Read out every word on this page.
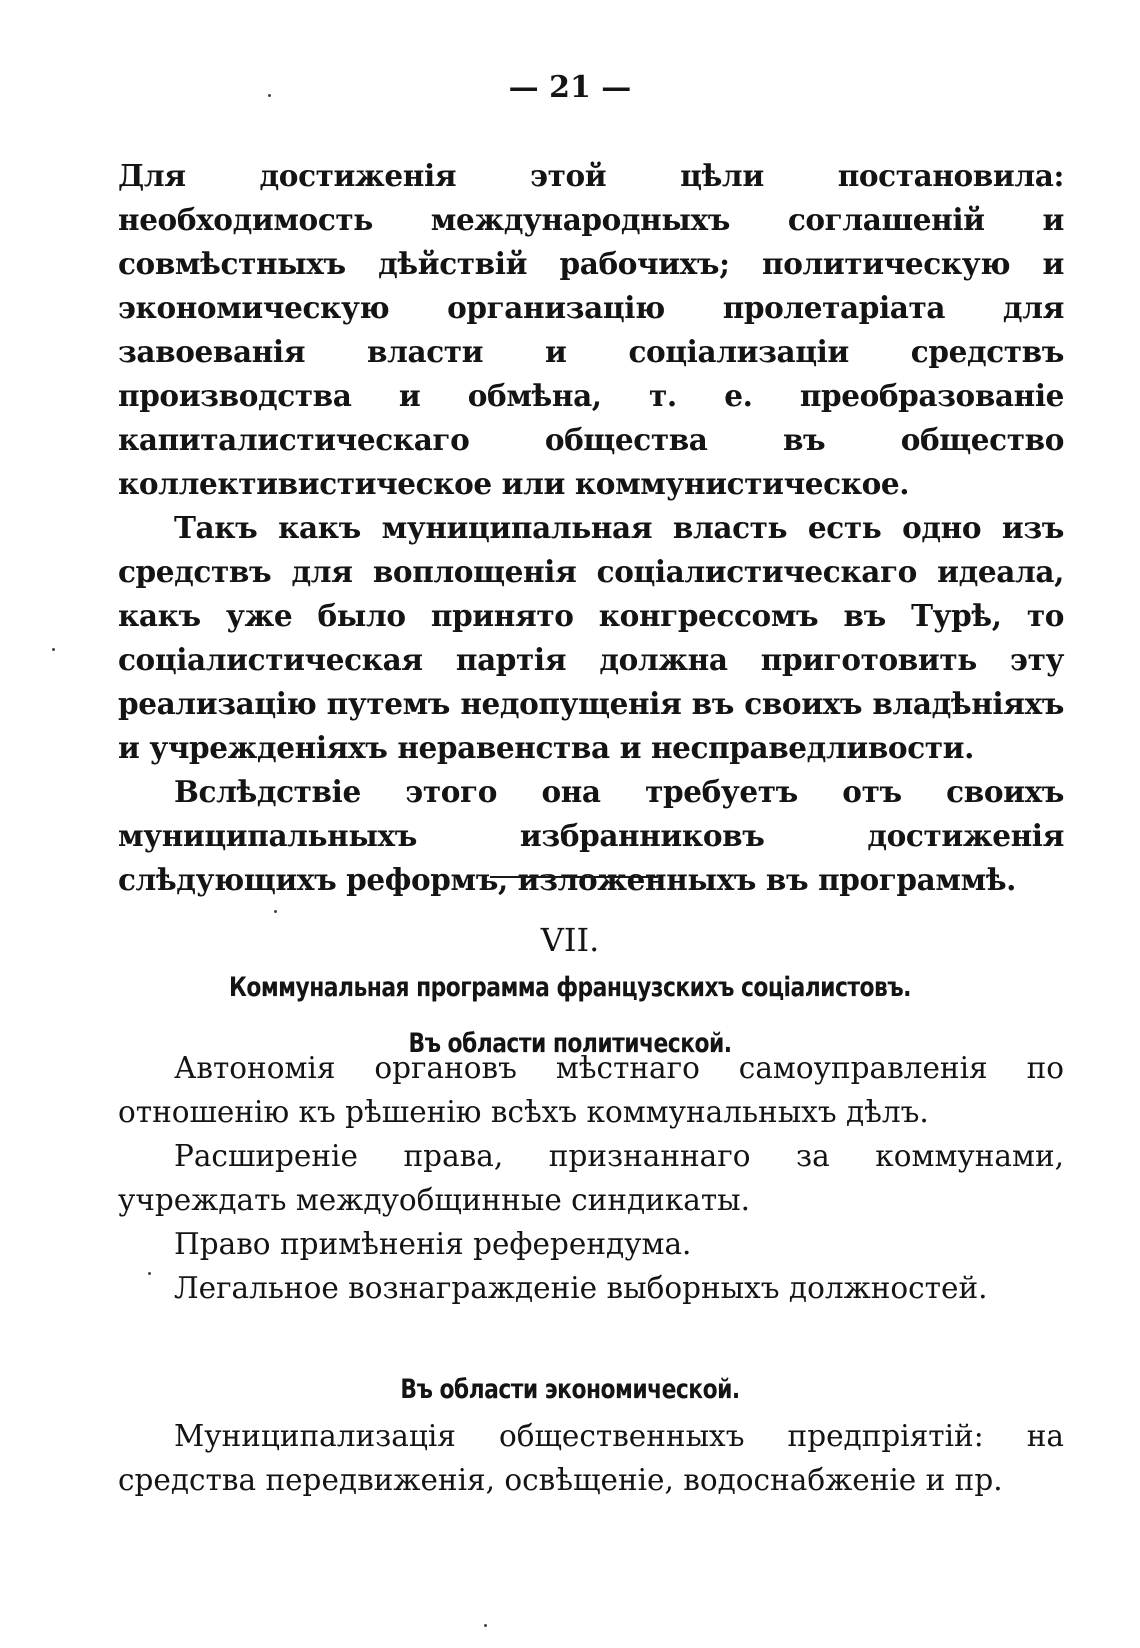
— 21 —

Для достиженія этой цѣли постановила: необходимость международныхъ соглашеній и совмѣстныхъ дѣйствій рабочихъ; политическую и экономическую организацію пролетаріата для завоеванія власти и соціализаціи средствъ производства и обмѣна, т. е. преобразованіе капиталистическаго общества въ общество коллективистическое или коммунистическое.

Такъ какъ муниципальная власть есть одно изъ средствъ для воплощенія соціалистическаго идеала, какъ уже было принято конгрессомъ въ Турѣ, то соціалистическая партія должна приготовить эту реализацію путемъ недопущенія въ своихъ владѣніяхъ и учрежденіяхъ неравенства и несправедливости.

Вслѣдствіе этого она требуетъ отъ своихъ муниципальныхъ избранниковъ достиженія слѣдующихъ реформъ, изложенныхъ въ программѣ.

VII.
Коммунальная программа французскихъ соціалистовъ.
Въ области политической.

Автономія органовъ мѣстнаго самоуправленія по отношенію къ рѣшенію всѣхъ коммунальныхъ дѣлъ.

Расширеніе права, признаннаго за коммунами, учреждать междуобщинные синдикаты.

Право примѣненія референдума.

Легальное вознагражденіе выборныхъ должностей.

Въ области экономической.

Муниципализація общественныхъ предпріятій: на средства передвиженія, освѣщеніе, водоснабженіе и пр.
